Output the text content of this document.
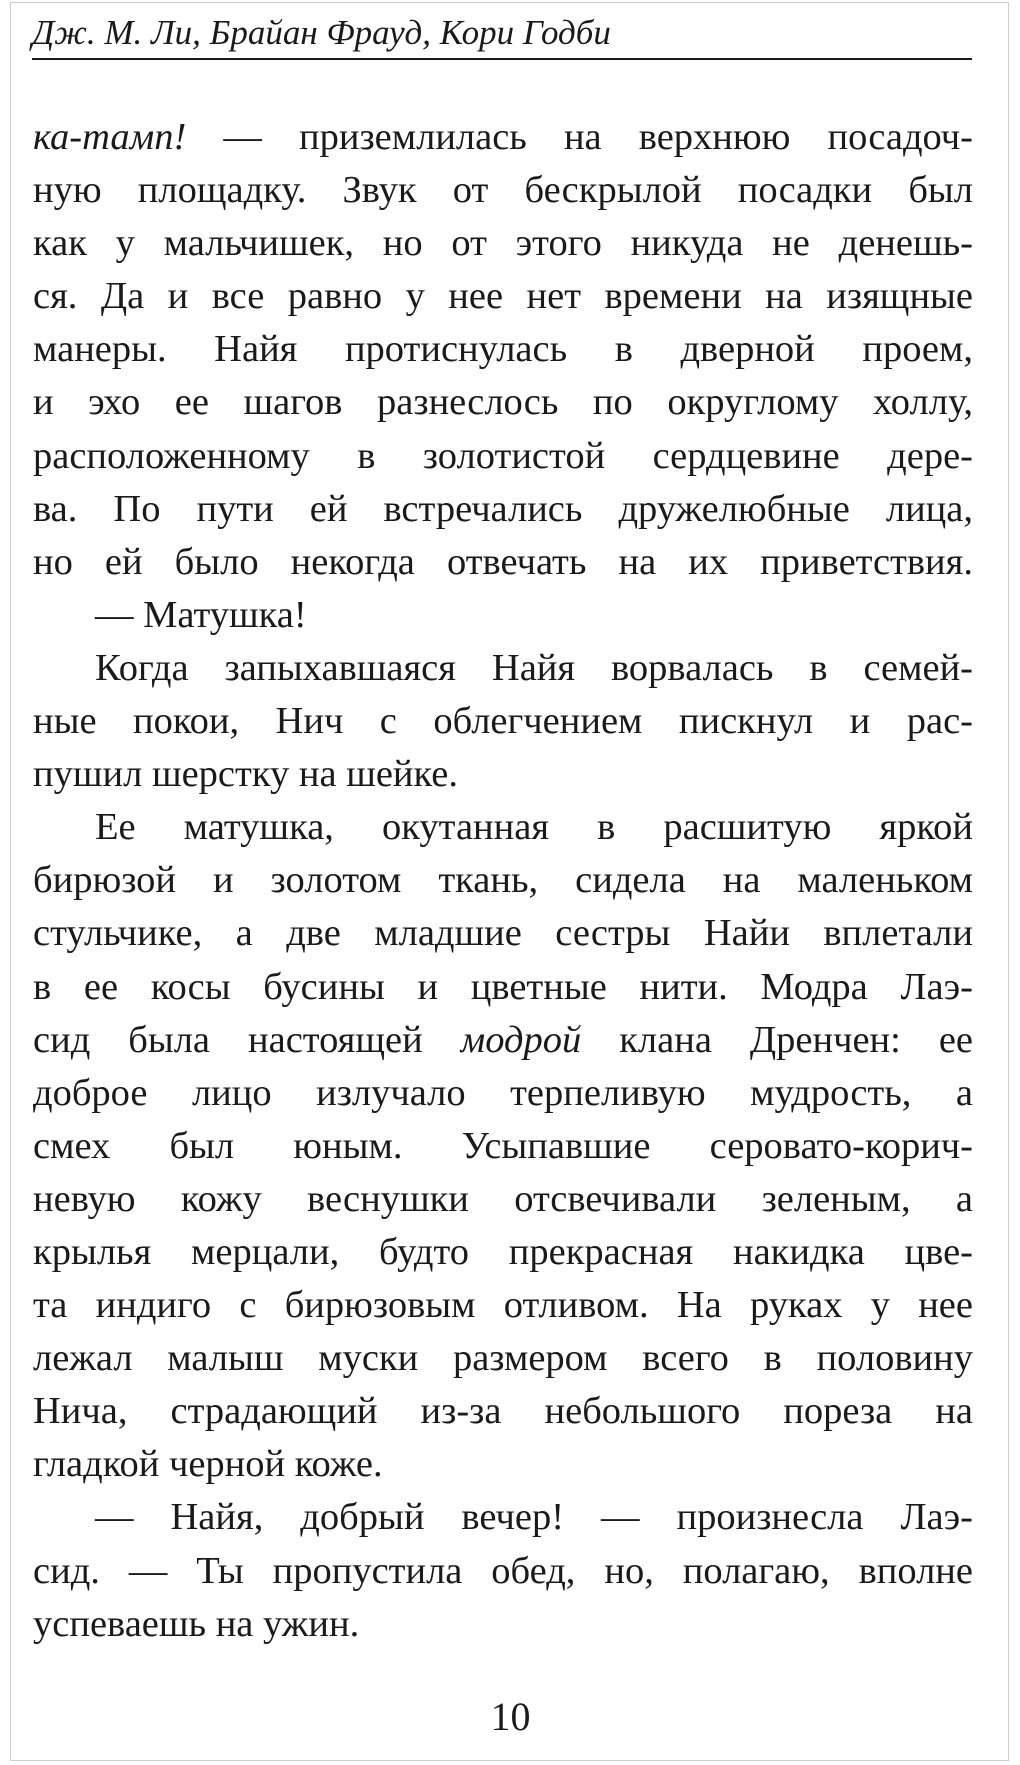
Дж. М. Ли, Брайан Фрауд, Кори Годби
ка-тамп! — приземлилась на верхнюю посадоч-
ную площадку. Звук от бескрылой посадки был
как у мальчишек, но от этого никуда не денешь-
ся. Да и все равно у нее нет времени на изящные
манеры. Найя протиснулась в дверной проем,
и эхо ее шагов разнеслось по округлому холлу,
расположенному в золотистой сердцевине дере-
ва. По пути ей встречались дружелюбные лица,
но ей было некогда отвечать на их приветствия.
— Матушка!
Когда запыхавшаяся Найя ворвалась в семей-
ные покои, Нич с облегчением пискнул и рас-
пушил шерстку на шейке.
Ее матушка, окутанная в расшитую яркой
бирюзой и золотом ткань, сидела на маленьком
стульчике, а две младшие сестры Найи вплетали
в ее косы бусины и цветные нити. Модра Лаэ-
сид была настоящей модрой клана Дренчен: ее
доброе лицо излучало терпеливую мудрость, а
смех был юным. Усыпавшие серовато-корич-
невую кожу веснушки отсвечивали зеленым, а
крылья мерцали, будто прекрасная накидка цве-
та индиго с бирюзовым отливом. На руках у нее
лежал малыш муски размером всего в половину
Нича, страдающий из-за небольшого пореза на
гладкой черной коже.
— Найя, добрый вечер! — произнесла Лаэ-
сид. — Ты пропустила обед, но, полагаю, вполне
успеваешь на ужин.
10
